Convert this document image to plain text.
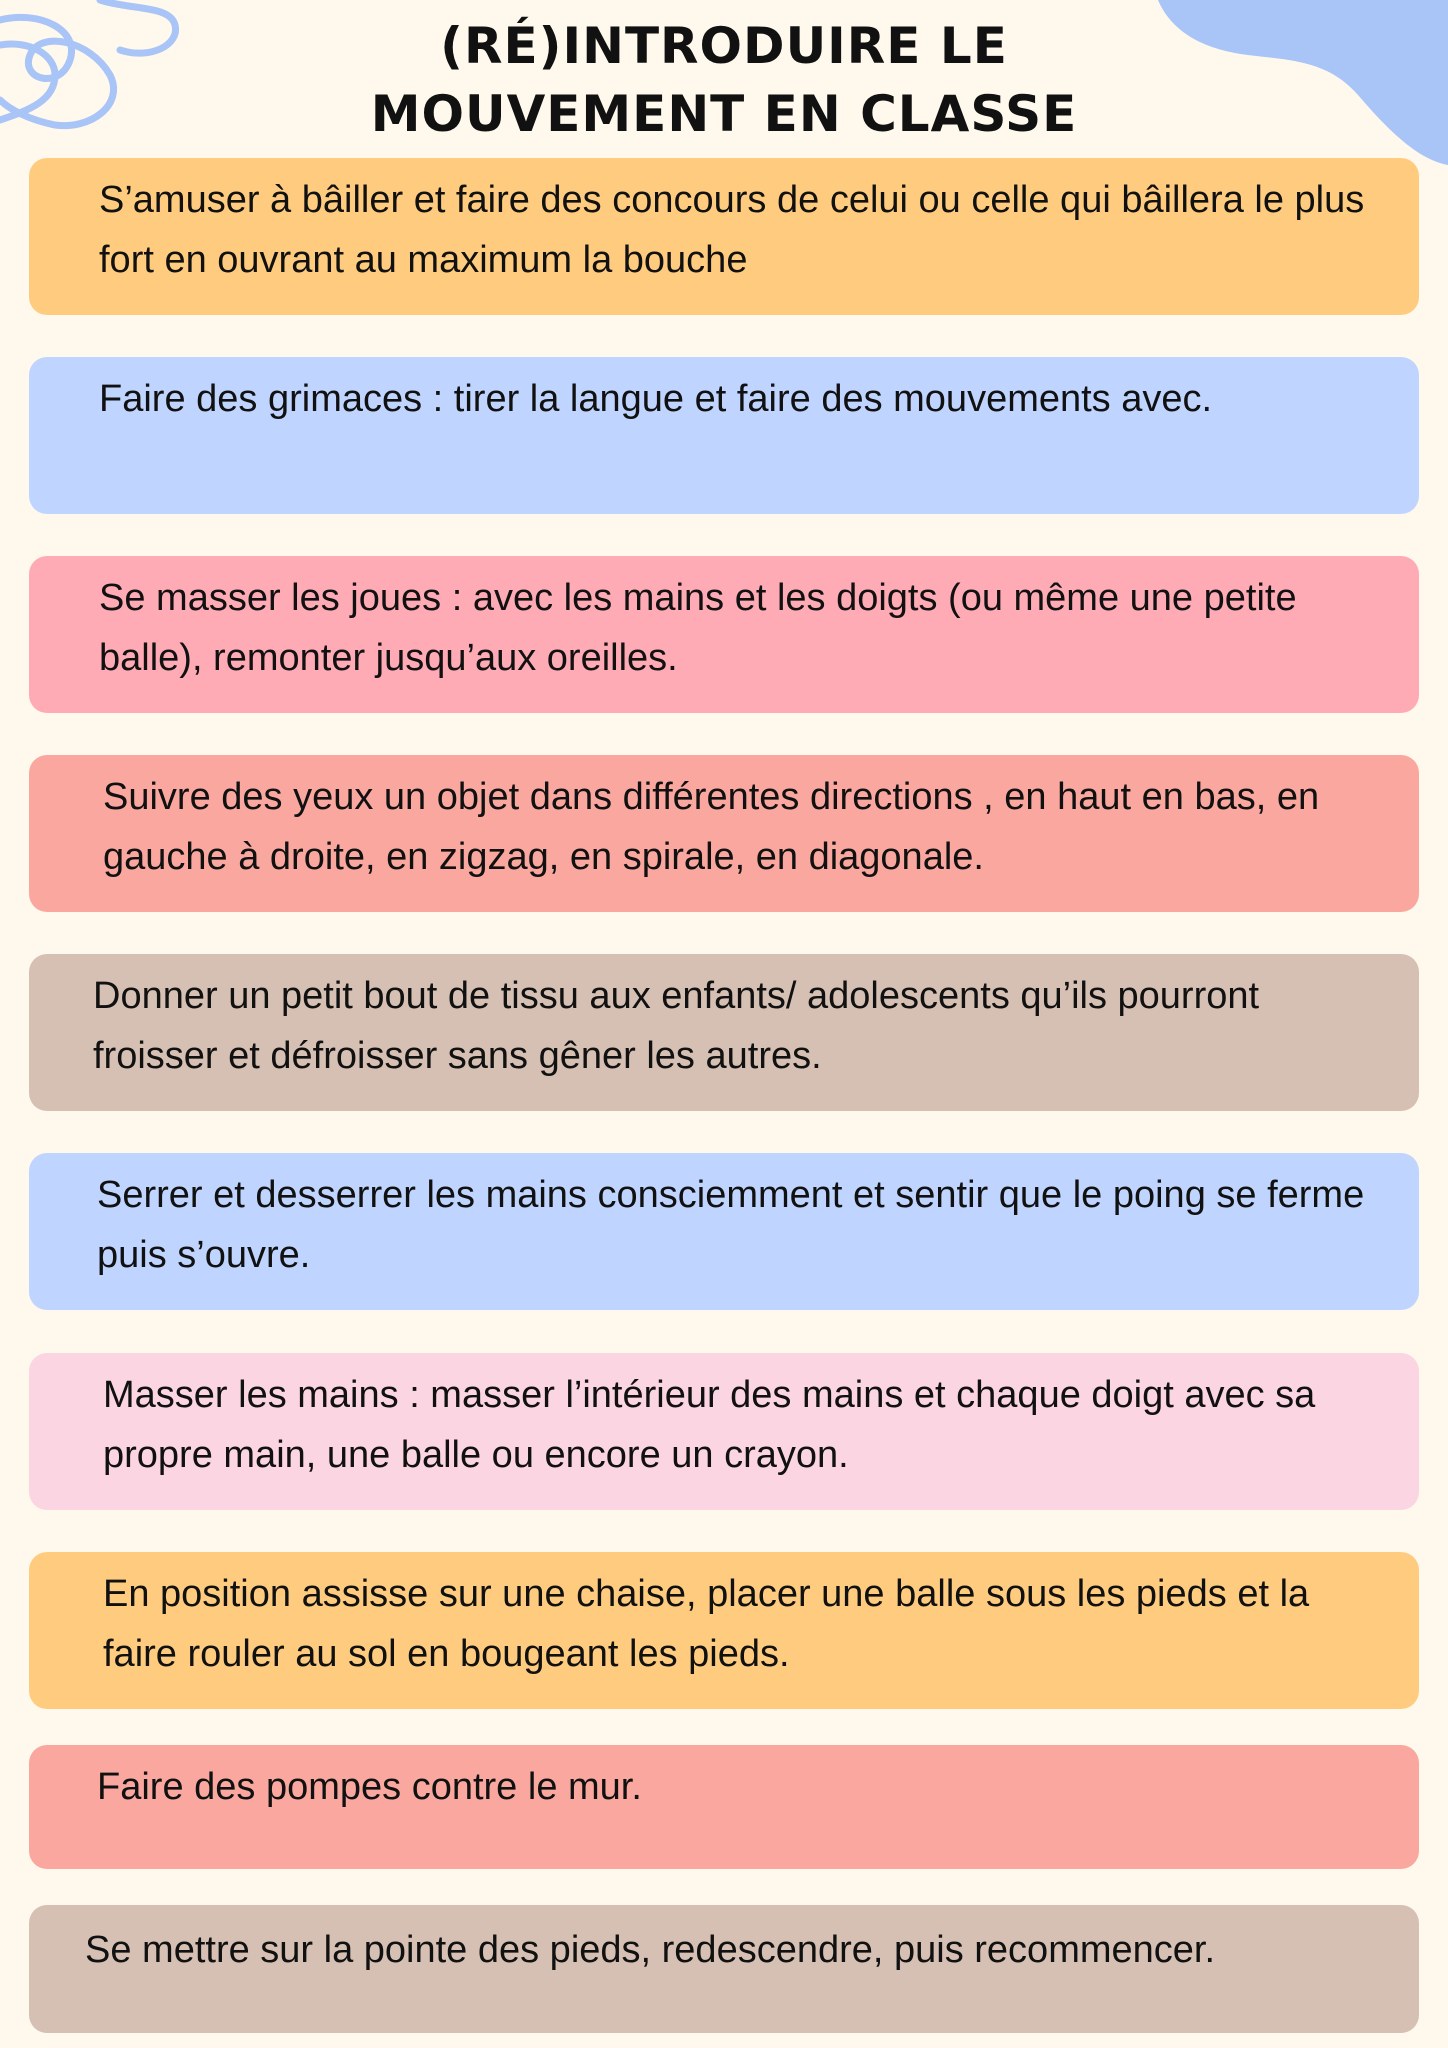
(RÉ)INTRODUIRE LE
MOUVEMENT EN CLASSE

S’amuser à bâiller et faire des concours de celui ou celle qui bâillera le plus fort en ouvrant au maximum la bouche

Faire des grimaces : tirer la langue et faire des mouvements avec.

Se masser les joues : avec les mains et les doigts (ou même une petite balle), remonter jusqu’aux oreilles.

Suivre des yeux un objet dans différentes directions , en haut en bas, en gauche à droite, en zigzag, en spirale, en diagonale.

Donner un petit bout de tissu aux enfants/ adolescents qu’ils pourront froisser et défroisser sans gêner les autres.

Serrer et desserrer les mains consciemment et sentir que le poing se ferme puis s’ouvre.

Masser les mains : masser l’intérieur des mains et chaque doigt avec sa propre main, une balle ou encore un crayon.

En position assisse sur une chaise, placer une balle sous les pieds et la faire rouler au sol en bougeant les pieds.

Faire des pompes contre le mur.

Se mettre sur la pointe des pieds, redescendre, puis recommencer.
